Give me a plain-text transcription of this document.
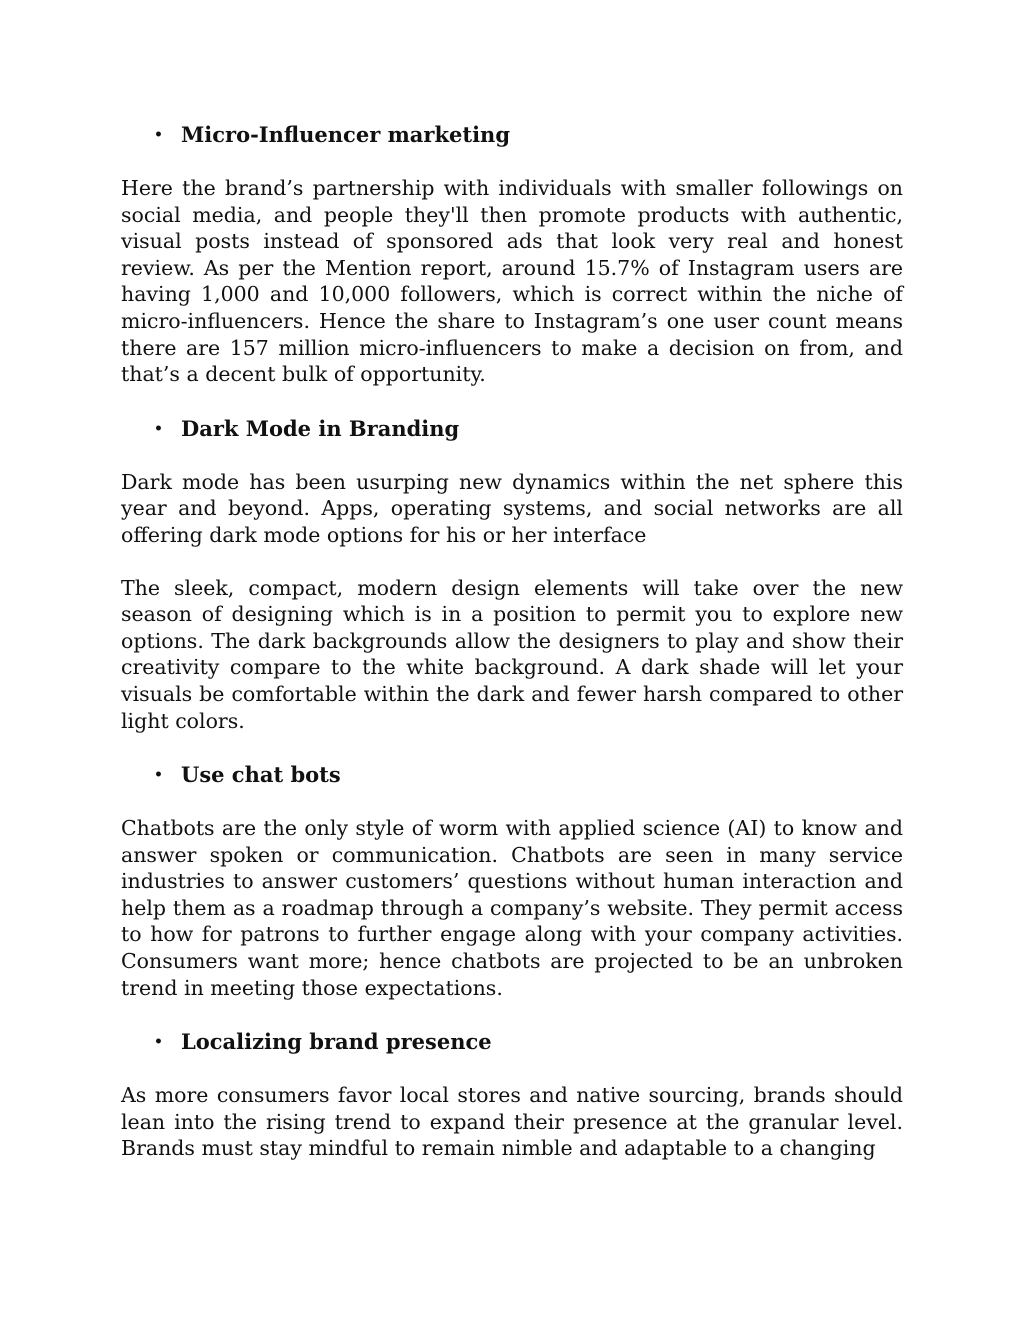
• Micro-Influencer marketing

Here the brand’s partnership with individuals with smaller followings on social media, and people they'll then promote products with authentic, visual posts instead of sponsored ads that look very real and honest review. As per the Mention report, around 15.7% of Instagram users are having 1,000 and 10,000 followers, which is correct within the niche of micro-influencers. Hence the share to Instagram’s one user count means there are 157 million micro-influencers to make a decision on from, and that’s a decent bulk of opportunity.

• Dark Mode in Branding

Dark mode has been usurping new dynamics within the net sphere this year and beyond. Apps, operating systems, and social networks are all offering dark mode options for his or her interface

The sleek, compact, modern design elements will take over the new season of designing which is in a position to permit you to explore new options. The dark backgrounds allow the designers to play and show their creativity compare to the white background. A dark shade will let your visuals be comfortable within the dark and fewer harsh compared to other light colors.

• Use chat bots

Chatbots are the only style of worm with applied science (AI) to know and answer spoken or communication. Chatbots are seen in many service industries to answer customers’ questions without human interaction and help them as a roadmap through a company’s website. They permit access to how for patrons to further engage along with your company activities. Consumers want more; hence chatbots are projected to be an unbroken trend in meeting those expectations.

• Localizing brand presence

As more consumers favor local stores and native sourcing, brands should lean into the rising trend to expand their presence at the granular level. Brands must stay mindful to remain nimble and adaptable to a changing
